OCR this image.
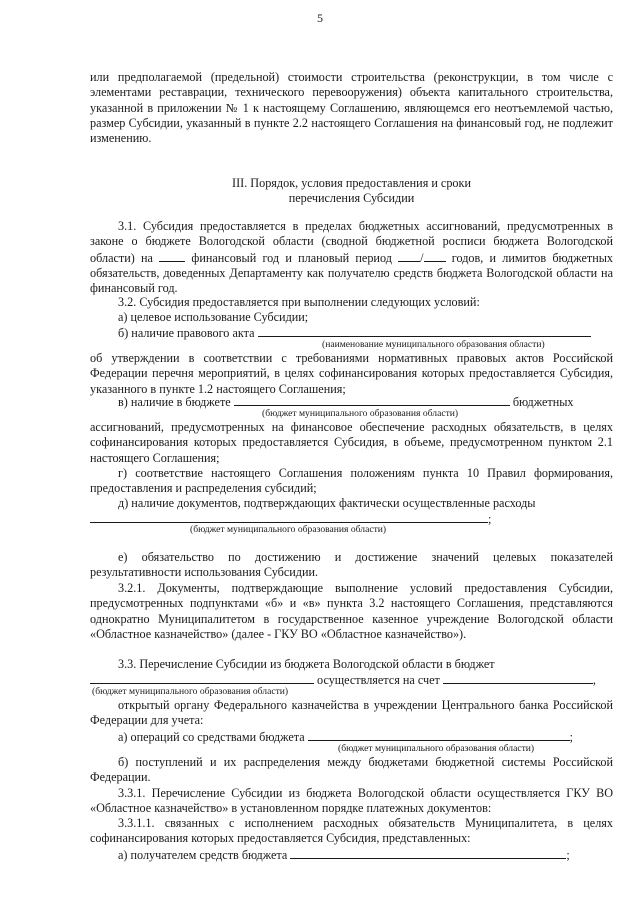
5
или предполагаемой (предельной) стоимости строительства (реконструкции, в том числе с элементами реставрации, технического перевооружения) объекта капитального строительства, указанной в приложении № 1 к настоящему Соглашению, являющемся его неотъемлемой частью, размер Субсидии, указанный в пункте 2.2 настоящего Соглашения на финансовый год, не подлежит изменению.
III. Порядок, условия предоставления и сроки
перечисления Субсидии
3.1. Субсидия предоставляется в пределах бюджетных ассигнований, предусмотренных в законе о бюджете Вологодской области (сводной бюджетной росписи бюджета Вологодской области) на	финансовый год и плановый период / годов, и лимитов бюджетных обязательств, доведенных Департаменту как получателю средств бюджета Вологодской области на финансовый год.
3.2. Субсидия предоставляется при выполнении следующих условий:
а) целевое использование Субсидии;
б) наличие правового акта
(наименование муниципального образования области)
об утверждении в соответствии с требованиями нормативных правовых актов Российской Федерации перечня мероприятий, в целях софинансирования которых предоставляется Субсидия, указанного в пункте 1.2 настоящего Соглашения;
в) наличие в бюджете	бюджетных
(бюджет муниципального образования области)
ассигнований, предусмотренных на финансовое обеспечение расходных обязательств, в целях софинансирования которых предоставляется Субсидия, в объеме, предусмотренном пунктом 2.1 настоящего Соглашения;
г) соответствие настоящего Соглашения положениям пункта 10 Правил формирования, предоставления и распределения субсидий;
д) наличие документов, подтверждающих фактически осуществленные расходы
;
(бюджет муниципального образования области)
е) обязательство по достижению и достижение значений целевых показателей результативности использования Субсидии.
3.2.1. Документы, подтверждающие выполнение условий предоставления Субсидии, предусмотренных подпунктами «б» и «в» пункта 3.2 настоящего Соглашения, представляются однократно Муниципалитетом в государственное казенное учреждение Вологодской области «Областное казначейство» (далее - ГКУ ВО «Областное казначейство»).
3.3. Перечисление Субсидии из бюджета Вологодской области в бюджет
осуществляется на счет	,
(бюджет муниципального образования области)
открытый органу Федерального казначейства в учреждении Центрального банка Российской Федерации для учета:
а) операций со средствами бюджета	;
(бюджет муниципального образования области)
б) поступлений и их распределения между бюджетами бюджетной системы Российской Федерации.
3.3.1. Перечисление Субсидии из бюджета Вологодской области осуществляется ГКУ ВО «Областное казначейство» в установленном порядке платежных документов:
3.3.1.1. связанных с исполнением расходных обязательств Муниципалитета, в целях софинансирования которых предоставляется Субсидия, представленных:
а) получателем средств бюджета	;
